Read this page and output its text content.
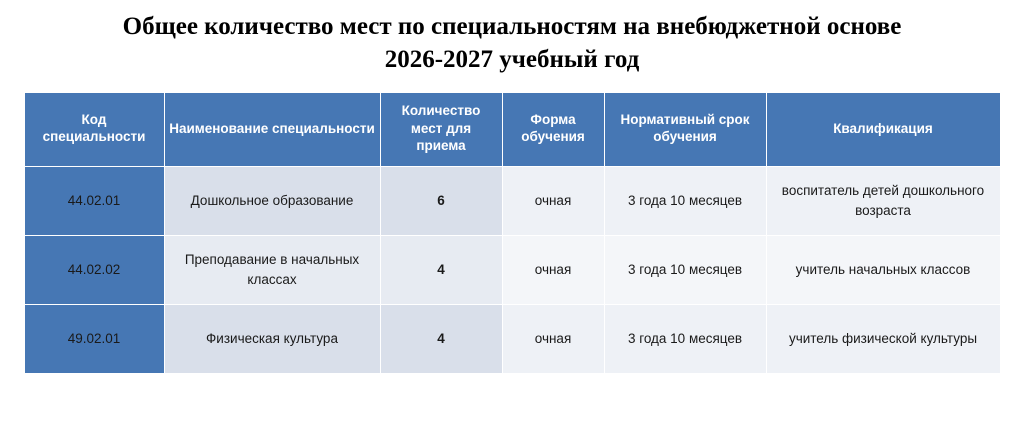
Общее количество мест по специальностям на внебюджетной основе
2026-2027 учебный год
Код специальности	Наименование специальности	Количество мест для приема	Форма обучения	Нормативный срок обучения	Квалификация
44.02.01	Дошкольное образование	6	очная	3 года 10 месяцев	воспитатель детей дошкольного возраста
44.02.02	Преподавание в начальных классах	4	очная	3 года 10 месяцев	учитель начальных классов
49.02.01	Физическая культура	4	очная	3 года 10 месяцев	учитель физической культуры
